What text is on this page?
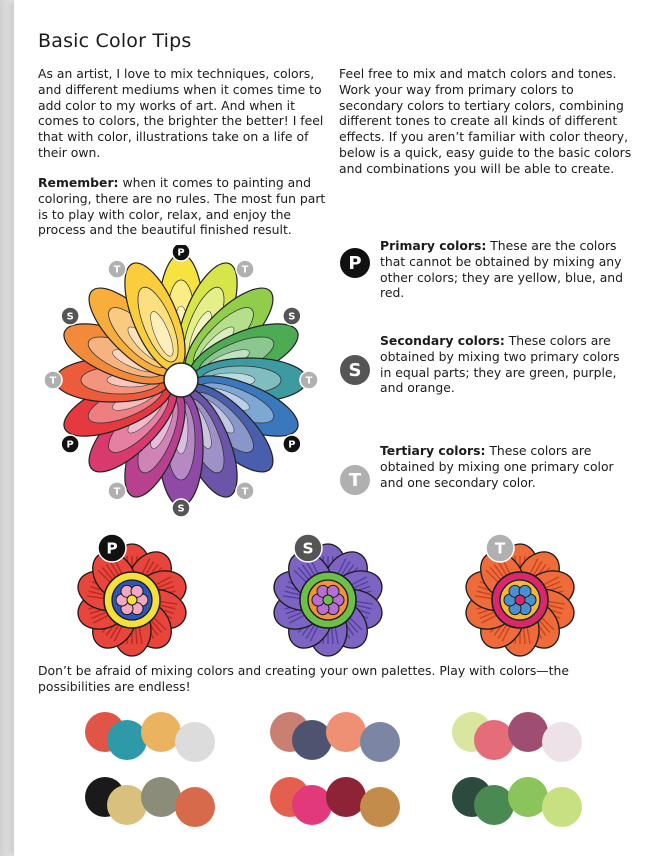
Basic Color Tips

As an artist, I love to mix techniques, colors, and different mediums when it comes time to add color to my works of art. And when it comes to colors, the brighter the better! I feel that with color, illustrations take on a life of their own.

Remember: when it comes to painting and coloring, there are no rules. The most fun part is to play with color, relax, and enjoy the process and the beautiful finished result.

Feel free to mix and match colors and tones. Work your way from primary colors to secondary colors to tertiary colors, combining different tones to create all kinds of different effects. If you aren’t familiar with color theory, below is a quick, easy guide to the basic colors and combinations you will be able to create.

P
Primary colors: These are the colors that cannot be obtained by mixing any other colors; they are yellow, blue, and red.
S
Secondary colors: These colors are obtained by mixing two primary colors in equal parts; they are green, purple, and orange.
T
Tertiary colors: These colors are obtained by mixing one primary color and one secondary color.
P
T
S
T
P
T
S
T
P
T
S
T
P	S	T

Don’t be afraid of mixing colors and creating your own palettes. Play with colors—the possibilities are endless!
